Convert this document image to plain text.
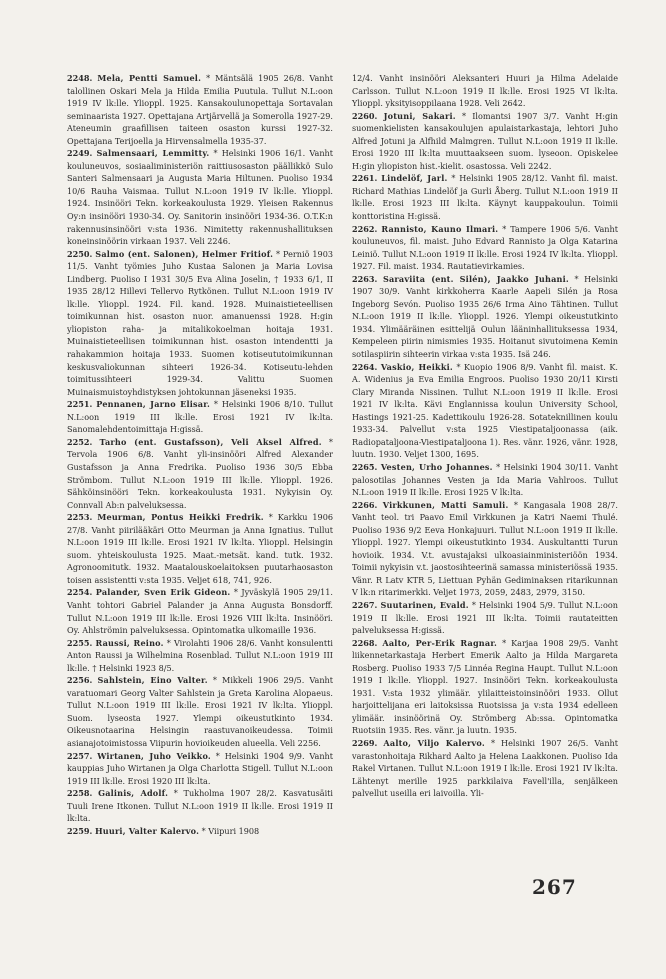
2248. Mela, Pentti Samuel. * Mäntsälä 1905 26/8. Vanht talollinen Oskari Mela ja Hilda Emilia Puutula. Tullut N.L:oon 1919 IV lk:lle. Ylioppl. 1925. Kansakoulunopettaja Sortavalan seminaarista 1927. Opettajana Artjärvellä ja Somerolla 1927-29. Ateneumin graafillisen taiteen osaston kurssi 1927-32. Opettajana Terijoella ja Hirvensalmella 1935-37.

2249. Salmensaari, Lemmitty. * Helsinki 1906 16/1. Vanht kouluneuvos, sosiaaliministeriön raittiusosaston päällikkö Sulo Santeri Salmensaari ja Augusta Maria Hiltunen. Puoliso 1934 10/6 Rauha Vaismaa. Tullut N.L:oon 1919 IV lk:lle. Ylioppl. 1924. Insinööri Tekn. korkeakoulusta 1929. Yleisen Rakennus Oy:n insinööri 1930-34. Oy. Sanitorin insinööri 1934-36. O.T.K:n rakennusinsinööri v:sta 1936. Nimitetty rakennushallituksen koneinsinöörin virkaan 1937. Veli 2246.

2250. Salmo (ent. Salonen), Helmer Fritiof. * Perniö 1903 11/5. Vanht työmies Juho Kustaa Salonen ja Maria Lovisa Lindberg. Puoliso I 1931 30/5 Eva Alina Joselin, † 1933 6/1, II 1935 28/12 Hillevi Tellervo Rytkönen. Tullut N.L:oon 1919 IV lk:lle. Ylioppl. 1924. Fil. kand. 1928. Muinaistieteellisen toimikunnan hist. osaston nuor. amanuenssi 1928. H:gin yliopiston raha- ja mitalikokoelman hoitaja 1931. Muinaistieteellisen toimikunnan hist. osaston intendentti ja rahakammion hoitaja 1933. Suomen kotiseututoimikunnan keskusvaliokunnan sihteeri 1926-34. Kotiseutu-lehden toimitussihteeri 1929-34. Valittu Suomen Muinaismuistoyhdistyksen johtokunnan jäseneksi 1935.

2251. Pennanen, Jarno Elisar. * Helsinki 1906 8/10. Tullut N.L:oon 1919 III lk:lle. Erosi 1921 IV lk:lta. Sanomalehdentoimittaja H:gissä.

2252. Tarho (ent. Gustafsson), Veli Aksel Alfred. * Tervola 1906 6/8. Vanht yli-insinööri Alfred Alexander Gustafsson ja Anna Fredrika. Puoliso 1936 30/5 Ebba Strömbom. Tullut N.L:oon 1919 III lk:lle. Ylioppl. 1926. Sähköinsinööri Tekn. korkeakoulusta 1931. Nykyisin Oy. Connvall Ab:n palveluksessa.

2253. Meurman, Pontus Heikki Fredrik. * Karkku 1906 27/8. Vanht piirilääkäri Otto Meurman ja Anna Ignatius. Tullut N.L:oon 1919 III lk:lle. Erosi 1921 IV lk:lta. Ylioppl. Helsingin suom. yhteiskoulusta 1925. Maat.-metsät. kand. tutk. 1932. Agronoomitutk. 1932. Maatalouskoelaitoksen puutarhaosaston toisen assistentti v:sta 1935. Veljet 618, 741, 926.

2254. Palander, Sven Erik Gideon. * Jyväskylä 1905 29/11. Vanht tohtori Gabriel Palander ja Anna Augusta Bonsdorff. Tullut N.L:oon 1919 III lk:lle. Erosi 1926 VIII lk:lta. Insinööri. Oy. Ahlströmin palveluksessa. Opintomatka ulkomaille 1936.

2255. Raussi, Reino. * Virolahti 1906 28/6. Vanht konsulentti Anton Raussi ja Wilhelmina Rosenblad. Tullut N.L:oon 1919 III lk:lle. † Helsinki 1923 8/5.

2256. Sahlstein, Eino Valter. * Mikkeli 1906 29/5. Vanht varatuomari Georg Valter Sahlstein ja Greta Karolina Alopaeus. Tullut N.L:oon 1919 III lk:lle. Erosi 1921 IV lk:lta. Ylioppl. Suom. lyseosta 1927. Ylempi oikeustutkinto 1934. Oikeusnotaarina Helsingin raastuvanoikeudessa. Toimii asianajotoimistossa Viipurin hovioikeuden alueella. Veli 2256.

2257. Wirtanen, Juho Veikko. * Helsinki 1904 9/9. Vanht kauppias Juho Wirtanen ja Olga Charlotta Stigell. Tullut N.L:oon 1919 III lk:lle. Erosi 1920 III lk:lta.

2258. Galinis, Adolf. * Tukholma 1907 28/2. Kasvatusäiti Tuuli Irene Itkonen. Tullut N.L:oon 1919 II lk:lle. Erosi 1919 II lk:lta.

2259. Huuri, Valter Kalervo. * Viipuri 1908

12/4. Vanht insinööri Aleksanteri Huuri ja Hilma Adelaide Carlsson. Tullut N.L:oon 1919 II lk:lle. Erosi 1925 VI lk:lta. Ylioppl. yksityisoppilaana 1928. Veli 2642.

2260. Jotuni, Sakari. * Ilomantsi 1907 3/7. Vanht H:gin suomenkielisten kansakoulujen apulaistarkastaja, lehtori Juho Alfred Jotuni ja Alfhild Malmgren. Tullut N.L:oon 1919 II lk:lle. Erosi 1920 III lk:lta muuttaakseen suom. lyseoon. Opiskelee H:gin yliopiston hist.-kielit. osastossa. Veli 2242.

2261. Lindelöf, Jarl. * Helsinki 1905 28/12. Vanht fil. maist. Richard Mathias Lindelöf ja Gurli Åberg. Tullut N.L:oon 1919 II lk:lle. Erosi 1923 III lk:lta. Käynyt kauppakoulun. Toimii konttoristina H:gissä.

2262. Rannisto, Kauno Ilmari. * Tampere 1906 5/6. Vanht kouluneuvos, fil. maist. Juho Edvard Rannisto ja Olga Katarina Leiniö. Tullut N.L:oon 1919 II lk:lle. Erosi 1924 IV lk:lta. Ylioppl. 1927. Fil. maist. 1934. Rautatievirkamies.

2263. Saraviita (ent. Silén), Jaakko Juhani. * Helsinki 1907 30/9. Vanht kirkkoherra Kaarle Aapeli Silén ja Rosa Ingeborg Sevón. Puoliso 1935 26/6 Irma Aino Tähtinen. Tullut N.L:oon 1919 II lk:lle. Ylioppl. 1926. Ylempi oikeustutkinto 1934. Ylimääräinen esittelijä Oulun lääninhallituksessa 1934, Kempeleen piirin nimismies 1935. Hoitanut sivutoimena Kemin sotilaspiirin sihteerin virkaa v:sta 1935. Isä 246.

2264. Vaskio, Heikki. * Kuopio 1906 8/9. Vanht fil. maist. K. A. Widenius ja Eva Emilia Engroos. Puoliso 1930 20/11 Kirsti Clary Miranda Nissinen. Tullut N.L:oon 1919 II lk:lle. Erosi 1921 IV lk:lta. Kävi Englannissa koulun University School, Hastings 1921-25. Kadettikoulu 1926-28. Sotateknillinen koulu 1933-34. Palvellut v:sta 1925 Viestipataljoonassa (aik. Radiopataljoona-Viestipataljoona 1). Res. vänr. 1926, vänr. 1928, luutn. 1930. Veljet 1300, 1695.

2265. Vesten, Urho Johannes. * Helsinki 1904 30/11. Vanht palosotilas Johannes Vesten ja Ida Maria Vahlroos. Tullut N.L:oon 1919 II lk:lle. Erosi 1925 V lk:lta.

2266. Virkkunen, Matti Samuli. * Kangasala 1908 28/7. Vanht teol. tri Paavo Emil Virkkunen ja Katri Naemi Thulé. Puoliso 1936 9/2 Eeva Honkajuuri. Tullut N.L:oon 1919 II lk:lle. Ylioppl. 1927. Ylempi oikeustutkinto 1934. Auskultantti Turun hovioik. 1934. V.t. avustajaksi ulkoasiainministeriöön 1934. Toimii nykyisin v.t. jaostosihteerinä samassa ministeriössä 1935. Vänr. R Latv KTR 5, Liettuan Pyhän Gediminaksen ritarikunnan V lk:n ritarimerkki. Veljet 1973, 2059, 2483, 2979, 3150.

2267. Suutarinen, Evald. * Helsinki 1904 5/9. Tullut N.L:oon 1919 II lk:lle. Erosi 1921 III lk:lta. Toimii rautateitten palveluksessa H:gissä.

2268. Aalto, Per-Erik Ragnar. * Karjaa 1908 29/5. Vanht liikennetarkastaja Herbert Emerik Aalto ja Hilda Margareta Rosberg. Puoliso 1933 7/5 Linnéa Regina Haupt. Tullut N.L:oon 1919 I lk:lle. Ylioppl. 1927. Insinööri Tekn. korkeakoulusta 1931. V:sta 1932 ylimäär. ylilaitteistoinsinööri 1933. Ollut harjoittelijana eri laitoksissa Ruotsissa ja v:sta 1934 edelleen ylimäär. insinöörinä Oy. Strömberg Ab:ssa. Opintomatka Ruotsiin 1935. Res. vänr. ja luutn. 1935.

2269. Aalto, Viljo Kalervo. * Helsinki 1907 26/5. Vanht varastonhoitaja Rikhard Aalto ja Helena Laakkonen. Puoliso Ida Rakel Virtanen. Tullut N.L:oon 1919 I lk:lle. Erosi 1921 IV lk:lta. Lähtenyt merille 1925 parkkilaiva Favell'illa, senjälkeen palvellut useilla eri laivoilla. Yli-

267
